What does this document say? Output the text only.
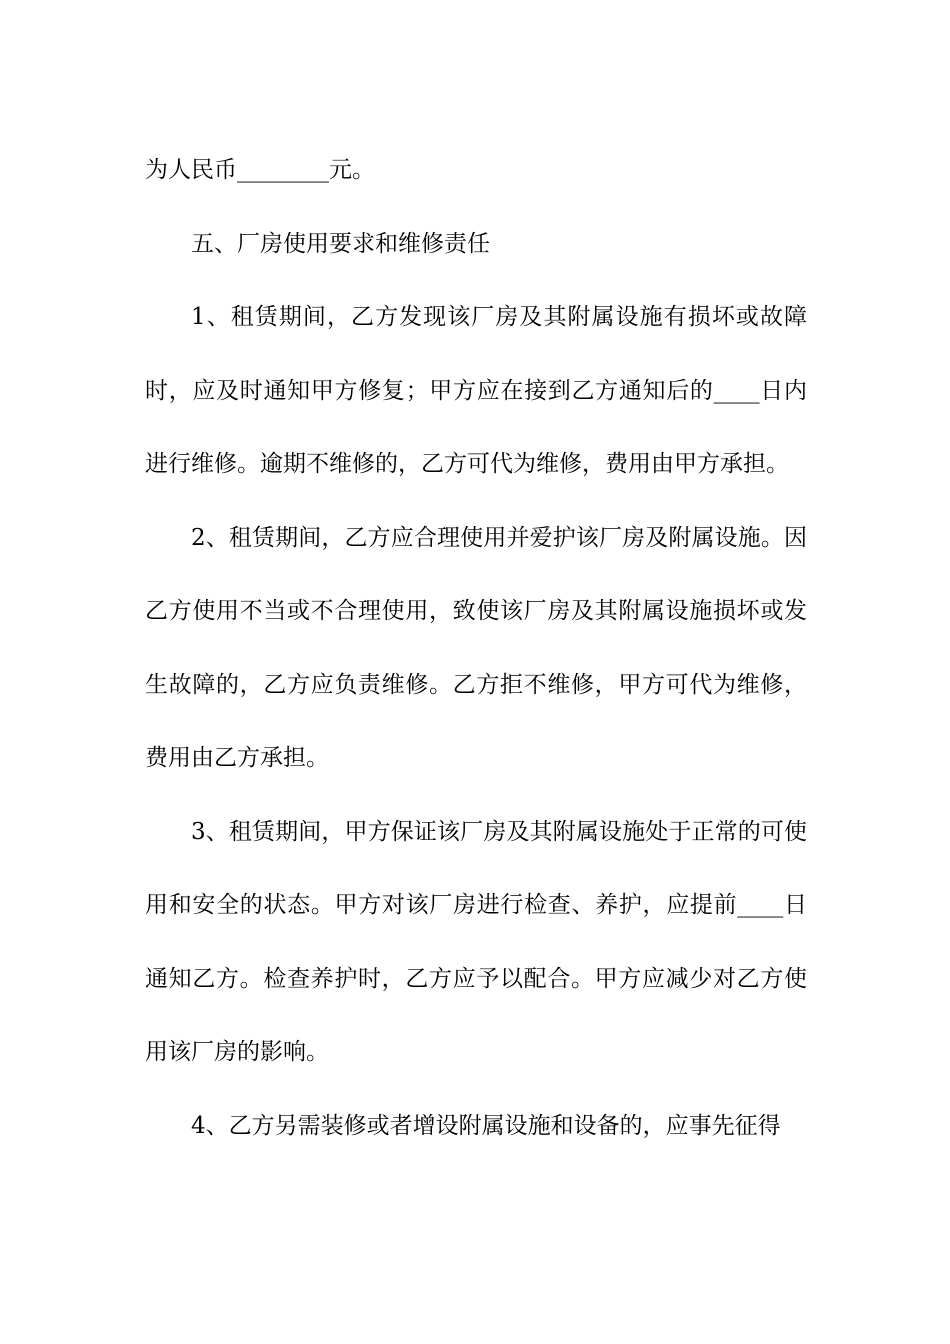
为人民币________元。

五、厂房使用要求和维修责任

1、租赁期间，乙方发现该厂房及其附属设施有损坏或故障时，应及时通知甲方修复；甲方应在接到乙方通知后的____日内进行维修。逾期不维修的，乙方可代为维修，费用由甲方承担。

2、租赁期间，乙方应合理使用并爱护该厂房及附属设施。因乙方使用不当或不合理使用，致使该厂房及其附属设施损坏或发生故障的，乙方应负责维修。乙方拒不维修，甲方可代为维修，费用由乙方承担。

3、租赁期间，甲方保证该厂房及其附属设施处于正常的可使用和安全的状态。甲方对该厂房进行检查、养护，应提前____日通知乙方。检查养护时，乙方应予以配合。甲方应减少对乙方使用该厂房的影响。

4、乙方另需装修或者增设附属设施和设备的，应事先征得
